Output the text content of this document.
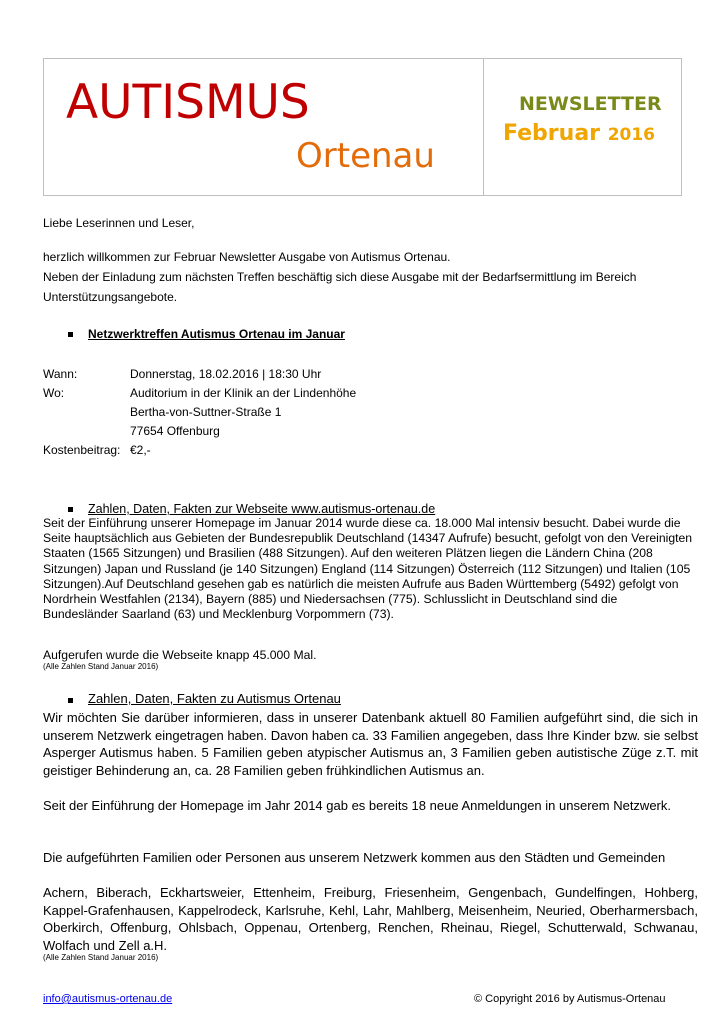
AUTISMUS
Ortenau
NEWSLETTER
Februar 2016
Liebe Leserinnen und Leser,
herzlich willkommen zur Februar Newsletter Ausgabe von Autismus Ortenau.
Neben der Einladung zum nächsten Treffen beschäftig sich diese Ausgabe mit der Bedarfsermittlung im Bereich
Unterstützungsangebote.
Netzwerktreffen Autismus Ortenau im Januar
Wann:	Donnerstag, 18.02.2016 | 18:30 Uhr
Wo:	Auditorium in der Klinik an der Lindenhöhe
Bertha-von-Suttner-Straße 1
77654 Offenburg
Kostenbeitrag: €2,-
Zahlen, Daten, Fakten zur Webseite www.autismus-ortenau.de
Seit der Einführung unserer Homepage im Januar 2014 wurde diese ca. 18.000 Mal intensiv besucht. Dabei wurde die Seite hauptsächlich aus Gebieten der Bundesrepublik Deutschland (14347 Aufrufe) besucht, gefolgt von den Vereinigten Staaten (1565 Sitzungen) und Brasilien (488 Sitzungen). Auf den weiteren Plätzen liegen die Ländern China (208 Sitzungen) Japan und Russland (je 140 Sitzungen) England (114 Sitzungen) Österreich (112 Sitzungen) und Italien (105 Sitzungen).Auf Deutschland gesehen gab es natürlich die meisten Aufrufe aus Baden Württemberg (5492) gefolgt von Nordrhein Westfahlen (2134), Bayern (885) und Niedersachsen (775). Schlusslicht in Deutschland sind die Bundesländer Saarland (63) und Mecklenburg Vorpommern (73).
Aufgerufen wurde die Webseite knapp 45.000 Mal.
(Alle Zahlen Stand Januar 2016)
Zahlen, Daten, Fakten zu Autismus Ortenau
Wir möchten Sie darüber informieren, dass in unserer Datenbank aktuell 80 Familien aufgeführt sind, die sich in unserem Netzwerk eingetragen haben. Davon haben ca. 33 Familien angegeben, dass Ihre Kinder bzw. sie selbst Asperger Autismus haben. 5 Familien geben atypischer Autismus an, 3 Familien geben autistische Züge z.T. mit geistiger Behinderung an, ca. 28 Familien geben frühkindlichen Autismus an.
Seit der Einführung der Homepage im Jahr 2014 gab es bereits 18 neue Anmeldungen in unserem Netzwerk.
Die aufgeführten Familien oder Personen aus unserem Netzwerk kommen aus den Städten und Gemeinden
Achern, Biberach, Eckhartsweier, Ettenheim, Freiburg, Friesenheim, Gengenbach, Gundelfingen, Hohberg, Kappel-Grafenhausen, Kappelrodeck, Karlsruhe, Kehl, Lahr, Mahlberg, Meisenheim, Neuried, Oberharmersbach, Oberkirch, Offenburg, Ohlsbach, Oppenau, Ortenberg, Renchen, Rheinau, Riegel, Schutterwald, Schwanau, Wolfach und Zell a.H.
(Alle Zahlen Stand Januar 2016)
info@autismus-ortenau.de	© Copyright 2016 by Autismus-Ortenau
